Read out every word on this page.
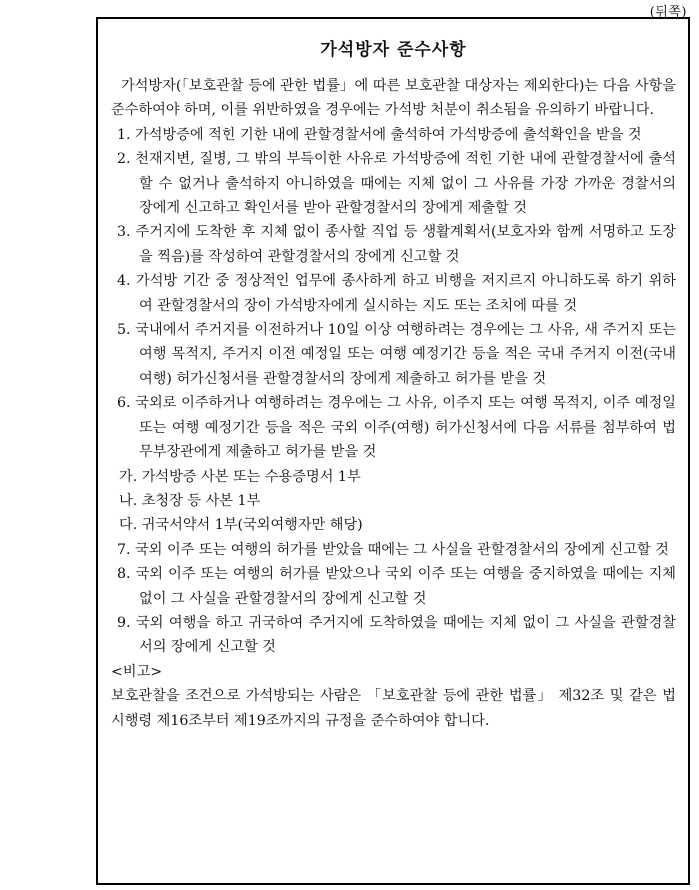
(뒤쪽)
가석방자 준수사항

가석방자(「보호관찰 등에 관한 법률」에 따른 보호관찰 대상자는 제외한다)는 다음 사항을 준수하여야 하며, 이를 위반하였을 경우에는 가석방 처분이 취소됨을 유의하기 바랍니다.

1. 가석방증에 적힌 기한 내에 관할경찰서에 출석하여 가석방증에 출석확인을 받을 것

2. 천재지변, 질병, 그 밖의 부득이한 사유로 가석방증에 적힌 기한 내에 관할경찰서에 출석할 수 없거나 출석하지 아니하였을 때에는 지체 없이 그 사유를 가장 가까운 경찰서의 장에게 신고하고 확인서를 받아 관할경찰서의 장에게 제출할 것

3. 주거지에 도착한 후 지체 없이 종사할 직업 등 생활계획서(보호자와 함께 서명하고 도장을 찍음)를 작성하여 관할경찰서의 장에게 신고할 것

4. 가석방 기간 중 정상적인 업무에 종사하게 하고 비행을 저지르지 아니하도록 하기 위하여 관할경찰서의 장이 가석방자에게 실시하는 지도 또는 조치에 따를 것

5. 국내에서 주거지를 이전하거나 10일 이상 여행하려는 경우에는 그 사유, 새 주거지 또는 여행 목적지, 주거지 이전 예정일 또는 여행 예정기간 등을 적은 국내 주거지 이전(국내 여행) 허가신청서를 관할경찰서의 장에게 제출하고 허가를 받을 것

6. 국외로 이주하거나 여행하려는 경우에는 그 사유, 이주지 또는 여행 목적지, 이주 예정일 또는 여행 예정기간 등을 적은 국외 이주(여행) 허가신청서에 다음 서류를 첨부하여 법무부장관에게 제출하고 허가를 받을 것

가. 가석방증 사본 또는 수용증명서 1부

나. 초청장 등 사본 1부

다. 귀국서약서 1부(국외여행자만 해당)

7. 국외 이주 또는 여행의 허가를 받았을 때에는 그 사실을 관할경찰서의 장에게 신고할 것

8. 국외 이주 또는 여행의 허가를 받았으나 국외 이주 또는 여행을 중지하였을 때에는 지체 없이 그 사실을 관할경찰서의 장에게 신고할 것

9. 국외 여행을 하고 귀국하여 주거지에 도착하였을 때에는 지체 없이 그 사실을 관할경찰서의 장에게 신고할 것

<비고>

보호관찰을 조건으로 가석방되는 사람은 「보호관찰 등에 관한 법률」 제32조 및 같은 법 시행령 제16조부터 제19조까지의 규정을 준수하여야 합니다.
